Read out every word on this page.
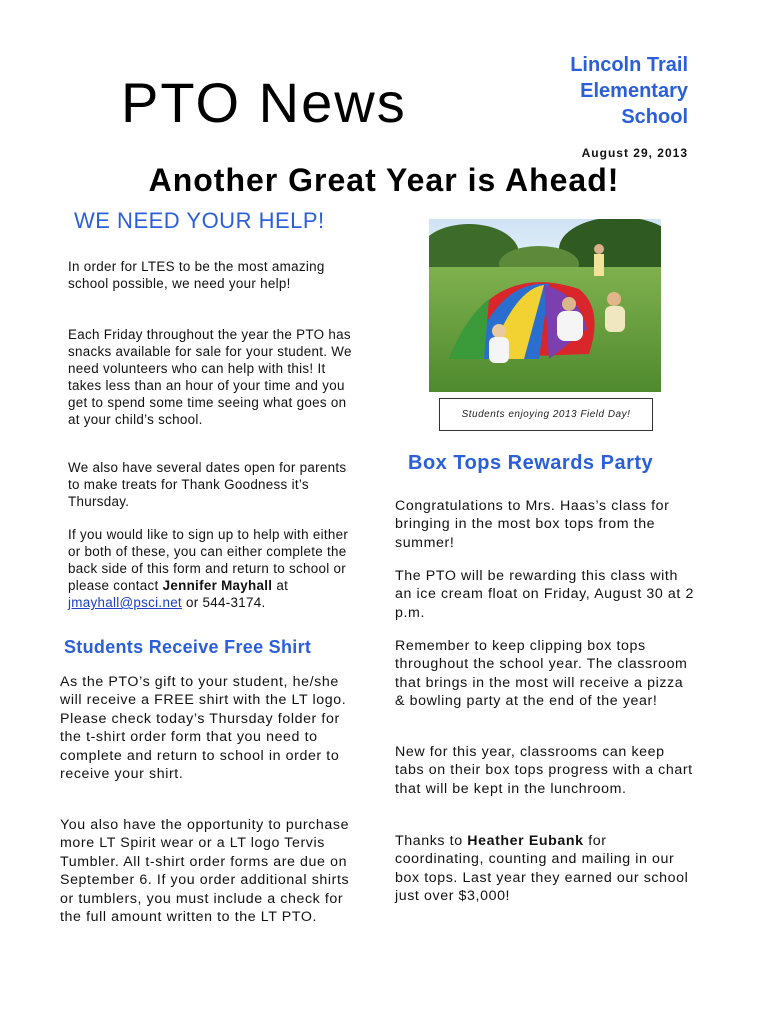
PTO News
Lincoln Trail
Elementary
School
August 29, 2013
Another Great Year is Ahead!
WE NEED YOUR HELP!

In order for LTES to be the most amazing school possible, we need your help!

Each Friday throughout the year the PTO has snacks available for sale for your student. We need volunteers who can help with this! It takes less than an hour of your time and you get to spend some time seeing what goes on at your child’s school.

We also have several dates open for parents to make treats for Thank Goodness it’s Thursday.

If you would like to sign up to help with either or both of these, you can either complete the back side of this form and return to school or please contact Jennifer Mayhall at jmayhall@psci.net or 544-3174.

Students Receive Free Shirt

As the PTO’s gift to your student, he/she will receive a FREE shirt with the LT logo. Please check today’s Thursday folder for the t-shirt order form that you need to complete and return to school in order to receive your shirt.

You also have the opportunity to purchase more LT Spirit wear or a LT logo Tervis Tumbler. All t-shirt order forms are due on September 6. If you order additional shirts or tumblers, you must include a check for the full amount written to the LT PTO.

Students enjoying 2013 Field Day!
Box Tops Rewards Party

Congratulations to Mrs. Haas’s class for bringing in the most box tops from the summer!

The PTO will be rewarding this class with an ice cream float on Friday, August 30 at 2 p.m.

Remember to keep clipping box tops throughout the school year. The classroom that brings in the most will receive a pizza & bowling party at the end of the year!

New for this year, classrooms can keep tabs on their box tops progress with a chart that will be kept in the lunchroom.

Thanks to Heather Eubank for coordinating, counting and mailing in our box tops. Last year they earned our school just over $3,000!
